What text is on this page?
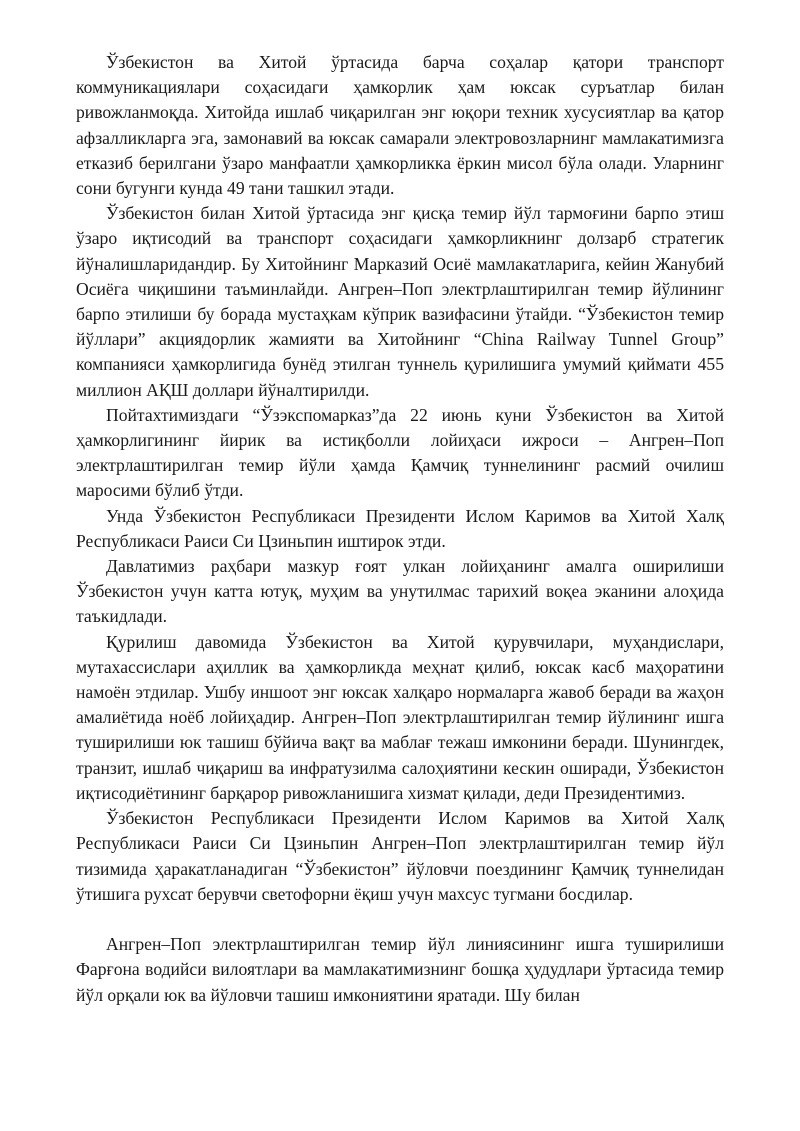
Ўзбекистон ва Хитой ўртасида барча соҳалар қатори транспорт коммуникациялари соҳасидаги ҳамкорлик ҳам юксак суръатлар билан ривожланмоқда. Хитойда ишлаб чиқарилган энг юқори техник хусусиятлар ва қатор афзалликларга эга, замонавий ва юксак самарали электровозларнинг мамлакатимизга етказиб берилгани ўзаро манфаатли ҳамкорликка ёркин мисол бўла олади. Уларнинг сони бугунги кунда 49 тани ташкил этади.

Ўзбекистон билан Хитой ўртасида энг қисқа темир йўл тармоғини барпо этиш ўзаро иқтисодий ва транспорт соҳасидаги ҳамкорликнинг долзарб стратегик йўналишларидандир. Бу Хитойнинг Марказий Осиё мамлакатларига, кейин Жанубий Осиёга чиқишини таъминлайди. Ангрен–Поп электрлаштирилган темир йўлининг барпо этилиши бу борада мустаҳкам кўприк вазифасини ўтайди. “Ўзбекистон темир йўллари” акциядорлик жамияти ва Хитойнинг “China Railway Tunnel Group” компанияси ҳамкорлигида бунёд этилган туннель қурилишига умумий қиймати 455 миллион АҚШ доллари йўналтирилди.

Пойтахтимиздаги “Ўзэкспомарказ”да 22 июнь куни Ўзбекистон ва Хитой ҳамкорлигининг йирик ва истиқболли лойиҳаси ижроси – Ангрен–Поп электрлаштирилган темир йўли ҳамда Қамчиқ туннелининг расмий очилиш маросими бўлиб ўтди.

Унда Ўзбекистон Республикаси Президенти Ислом Каримов ва Хитой Халқ Республикаси Раиси Си Цзиньпин иштирок этди.

Давлатимиз раҳбари мазкур ғоят улкан лойиҳанинг амалга оширилиши Ўзбекистон учун катта ютуқ, муҳим ва унутилмас тарихий воқеа эканини алоҳида таъкидлади.

Қурилиш давомида Ўзбекистон ва Хитой қурувчилари, муҳандислари, мутахассислари аҳиллик ва ҳамкорликда меҳнат қилиб, юксак касб маҳоратини намоён этдилар. Ушбу иншоот энг юксак халқаро нормаларга жавоб беради ва жаҳон амалиётида ноёб лойиҳадир. Ангрен–Поп электрлаштирилган темир йўлининг ишга туширилиши юк ташиш бўйича вақт ва маблағ тежаш имконини беради. Шунингдек, транзит, ишлаб чиқариш ва инфратузилма салоҳиятини кескин оширади, Ўзбекистон иқтисодиётининг барқарор ривожланишига хизмат қилади, деди Президентимиз.

Ўзбекистон Республикаси Президенти Ислом Каримов ва Хитой Халқ Республикаси Раиси Си Цзиньпин Ангрен–Поп электрлаштирилган темир йўл тизимида ҳаракатланадиган “Ўзбекистон” йўловчи поездининг Қамчиқ туннелидан ўтишига рухсат берувчи светофорни ёқиш учун махсус тугмани босдилар.

Ангрен–Поп электрлаштирилган темир йўл линиясининг ишга туширилиши Фарғона водийси вилоятлари ва мамлакатимизнинг бошқа ҳудудлари ўртасида темир йўл орқали юк ва йўловчи ташиш имкониятини яратади. Шу билан
